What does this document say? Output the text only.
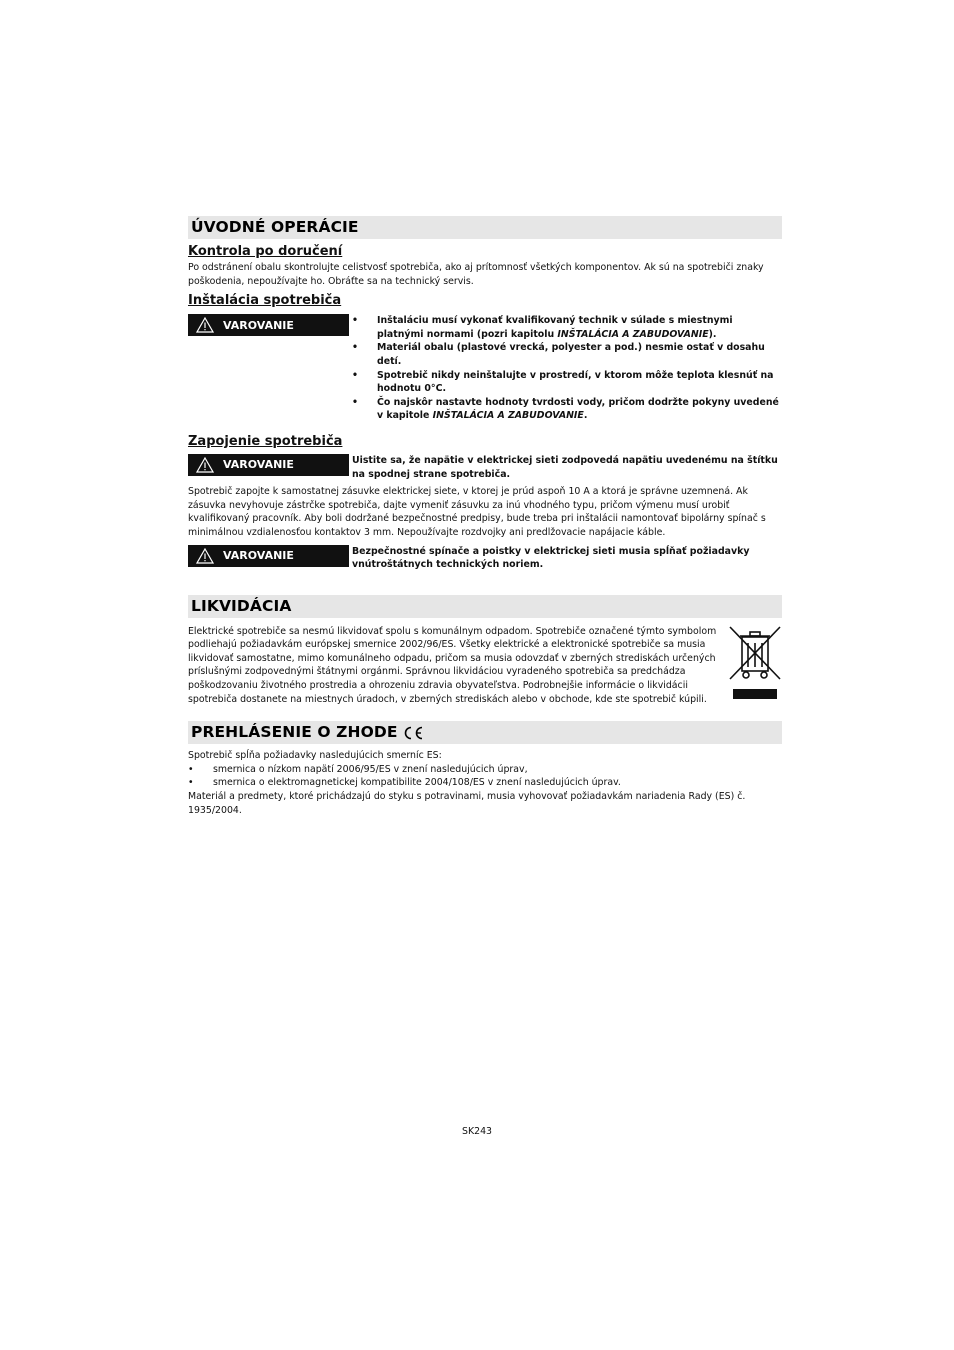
ÚVODNÉ OPERÁCIE
Kontrola po doručení

Po odstránení obalu skontrolujte celistvosť spotrebiča, ako aj prítomnosť všetkých komponentov. Ak sú na spotrebiči znaky poškodenia, nepoužívajte ho. Obráťte sa na technický servis.

Inštalácia spotrebiča
VAROVANIE
•	Inštaláciu musí vykonať kvalifikovaný technik v súlade s miestnymi platnými normami (pozri kapitolu INŠTALÁCIA A ZABUDOVANIE).
• Materiál obalu (plastové vrecká, polyester a pod.) nesmie ostať v dosahu detí.
• Spotrebič nikdy neinštalujte v prostredí, v ktorom môže teplota klesnúť na hodnotu 0°C.
• Čo najskôr nastavte hodnoty tvrdosti vody, pričom dodržte pokyny uvedené v kapitole INŠTALÁCIA A ZABUDOVANIE.
Zapojenie spotrebiča
VAROVANIE	Uistite sa, že napätie v elektrickej sieti zodpovedá napätiu uvedenému na štítku na spodnej strane spotrebiča.

Spotrebič zapojte k samostatnej zásuvke elektrickej siete, v ktorej je prúd aspoň 10 A a ktorá je správne uzemnená. Ak zásuvka nevyhovuje zástrčke spotrebiča, dajte vymeniť zásuvku za inú vhodného typu, pričom výmenu musí urobiť kvalifikovaný pracovník. Aby boli dodržané bezpečnostné predpisy, bude treba pri inštalácii namontovať bipolárny spínač s minimálnou vzdialenosťou kontaktov 3 mm. Nepoužívajte rozdvojky ani predlžovacie napájacie káble.

VAROVANIE	Bezpečnostné spínače a poistky v elektrickej sieti musia spĺňať požiadavky vnútroštátnych technických noriem.
LIKVIDÁCIA

Elektrické spotrebiče sa nesmú likvidovať spolu s komunálnym odpadom. Spotrebiče označené týmto symbolom podliehajú požiadavkám európskej smernice 2002/96/ES. Všetky elektrické a elektronické spotrebiče sa musia likvidovať samostatne, mimo komunálneho odpadu, pričom sa musia odovzdať v zberných strediskách určených príslušnými zodpovednými štátnymi orgánmi. Správnou likvidáciou vyradeného spotrebiča sa predchádza poškodzovaniu životného prostredia a ohrozeniu zdravia obyvateľstva. Podrobnejšie informácie o likvidácii spotrebiča dostanete na miestnych úradoch, v zberných strediskách alebo v obchode, kde ste spotrebič kúpili.

PREHLÁSENIE O ZHODE

Spotrebič spĺňa požiadavky nasledujúcich smerníc ES:

• smernica o nízkom napätí 2006/95/ES v znení nasledujúcich úprav,
• smernica o elektromagnetickej kompatibilite 2004/108/ES v znení nasledujúcich úprav.

Materiál a predmety, ktoré prichádzajú do styku s potravinami, musia vyhovovať požiadavkám nariadenia Rady (ES) č. 1935/2004.

SK243
